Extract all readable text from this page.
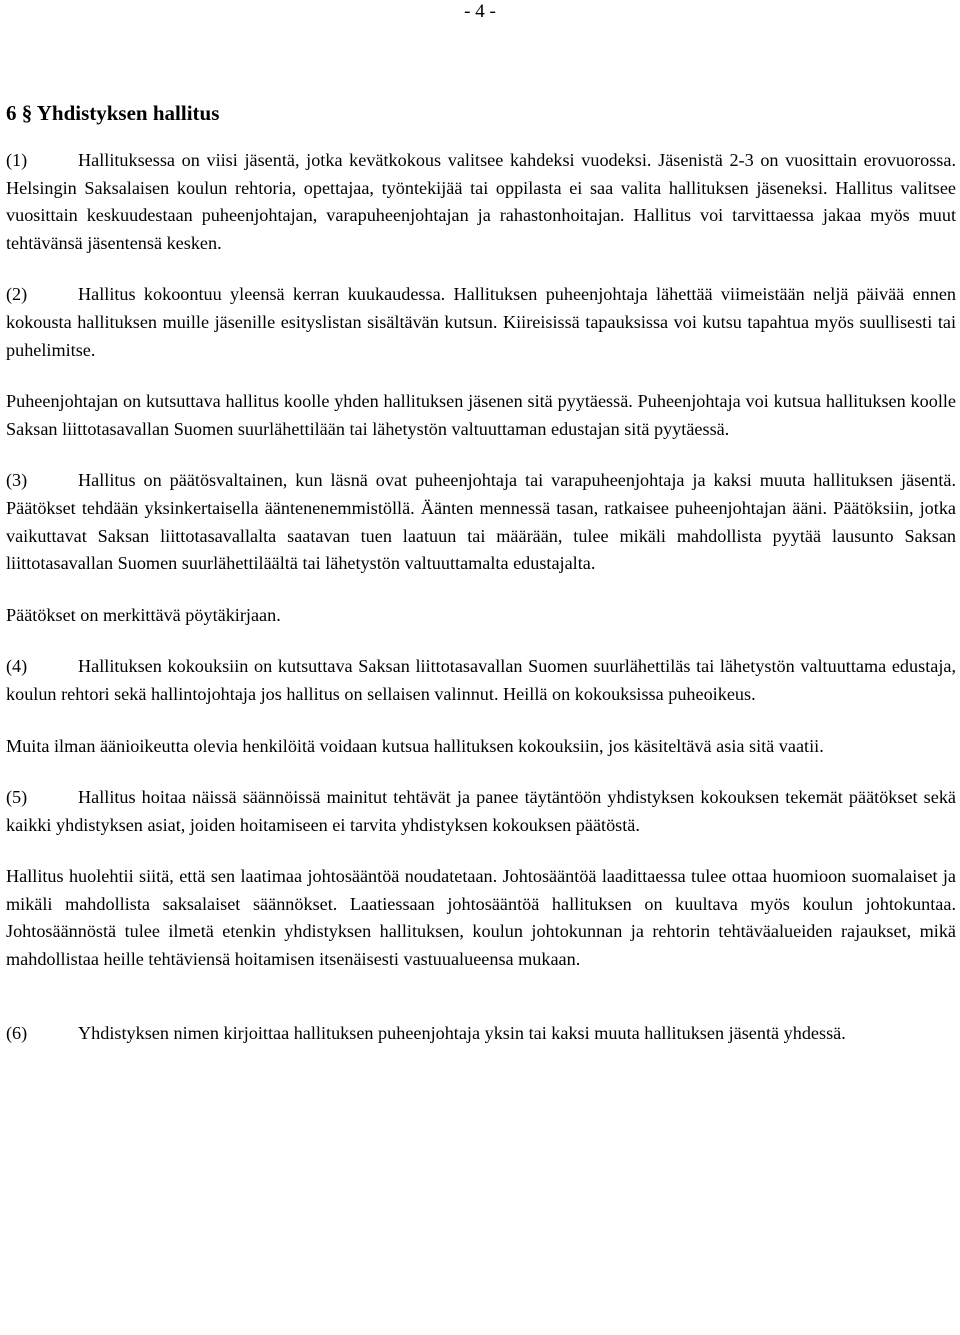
- 4 -
6 § Yhdistyksen hallitus

(1)	Hallituksessa on viisi jäsentä, jotka kevätkokous valitsee kahdeksi vuodeksi. Jäsenistä 2-3 on vuosittain erovuorossa. Helsingin Saksalaisen koulun rehtoria, opettajaa, työntekijää tai oppilasta ei saa valita hallituksen jäseneksi. Hallitus valitsee vuosittain keskuudestaan puheenjohtajan, varapuheenjohtajan ja rahastonhoitajan. Hallitus voi tarvittaessa jakaa myös muut tehtävänsä jäsentensä kesken.

(2)	Hallitus kokoontuu yleensä kerran kuukaudessa. Hallituksen puheenjohtaja lähettää viimeistään neljä päivää ennen kokousta hallituksen muille jäsenille esityslistan sisältävän kutsun. Kiireisissä tapauksissa voi kutsu tapahtua myös suullisesti tai puhelimitse.

Puheenjohtajan on kutsuttava hallitus koolle yhden hallituksen jäsenen sitä pyytäessä. Puheenjohtaja voi kutsua hallituksen koolle Saksan liittotasavallan Suomen suurlähettilään tai lähetystön valtuuttaman edustajan sitä pyytäessä.

(3)	Hallitus on päätösvaltainen, kun läsnä ovat puheenjohtaja tai varapuheenjohtaja ja kaksi muuta hallituksen jäsentä. Päätökset tehdään yksinkertaisella ääntenenemmistöllä. Äänten mennessä tasan, ratkaisee puheenjohtajan ääni. Päätöksiin, jotka vaikuttavat Saksan liittotasavallalta saatavan tuen laatuun tai määrään, tulee mikäli mahdollista pyytää lausunto Saksan liittotasavallan Suomen suurlähettiläältä tai lähetystön valtuuttamalta edustajalta.

Päätökset on merkittävä pöytäkirjaan.

(4)	Hallituksen kokouksiin on kutsuttava Saksan liittotasavallan Suomen suurlähettiläs tai lähetystön valtuuttama edustaja, koulun rehtori sekä hallintojohtaja jos hallitus on sellaisen valinnut. Heillä on kokouksissa puheoikeus.

Muita ilman äänioikeutta olevia henkilöitä voidaan kutsua hallituksen kokouksiin, jos käsiteltävä asia sitä vaatii.

(5)	Hallitus hoitaa näissä säännöissä mainitut tehtävät ja panee täytäntöön yhdistyksen kokouksen tekemät päätökset sekä kaikki yhdistyksen asiat, joiden hoitamiseen ei tarvita yhdistyksen kokouksen päätöstä.

Hallitus huolehtii siitä, että sen laatimaa johtosääntöä noudatetaan. Johtosääntöä laadittaessa tulee ottaa huomioon suomalaiset ja mikäli mahdollista saksalaiset säännökset. Laatiessaan johtosääntöä hallituksen on kuultava myös koulun johtokuntaa. Johtosäännöstä tulee ilmetä etenkin yhdistyksen hallituksen, koulun johtokunnan ja rehtorin tehtäväalueiden rajaukset, mikä mahdollistaa heille tehtäviensä hoitamisen itsenäisesti vastuualueensa mukaan.

(6)	Yhdistyksen nimen kirjoittaa hallituksen puheenjohtaja yksin tai kaksi muuta hallituksen jäsentä yhdessä.
